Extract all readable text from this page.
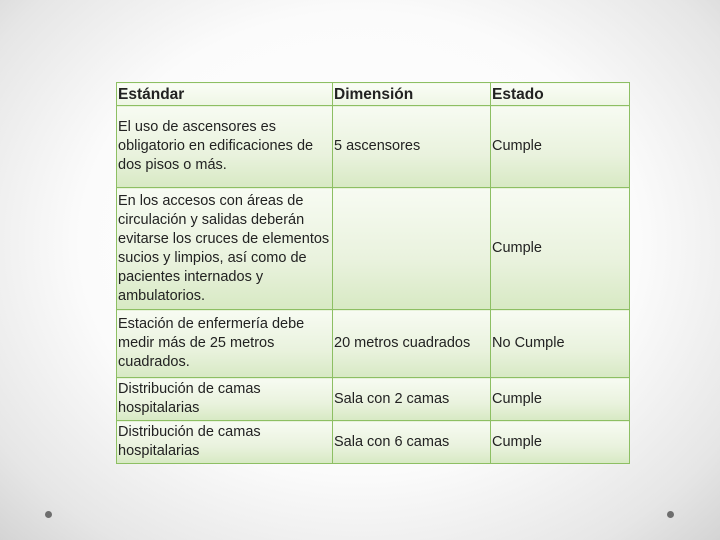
Estándar	Dimensión	Estado
El uso de ascensores es obligatorio en edificaciones de dos pisos o más.	5 ascensores	Cumple
En los accesos con áreas de circulación y salidas deberán evitarse los cruces de elementos sucios y limpios, así como de pacientes internados y ambulatorios.		Cumple
Estación de enfermería debe medir más de 25 metros cuadrados.	20 metros cuadrados	No Cumple
Distribución de camas hospitalarias	Sala con 2 camas	Cumple
Distribución de camas hospitalarias	Sala con 6 camas	Cumple
